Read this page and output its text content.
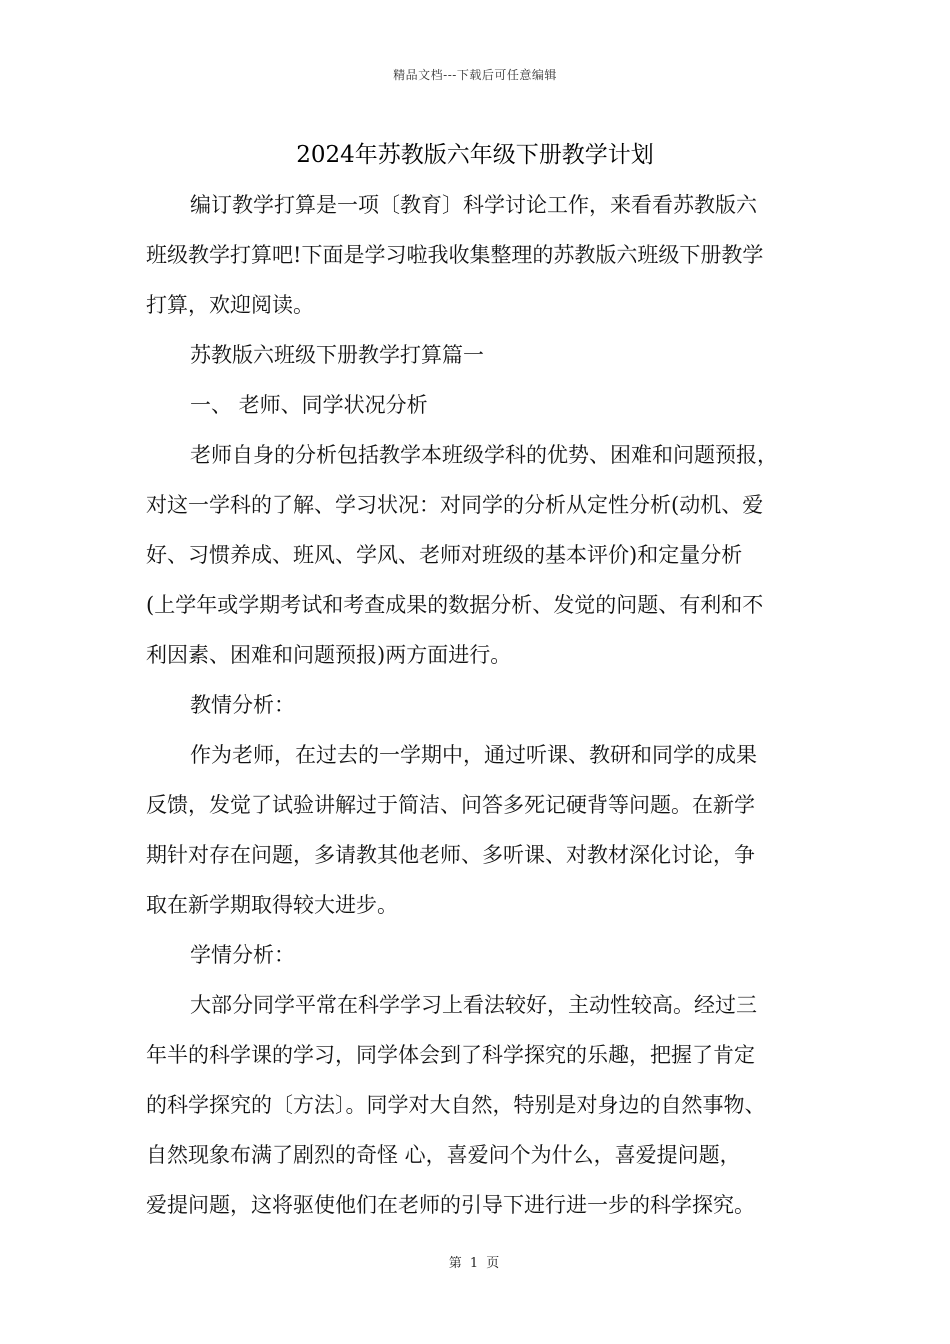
精品文档---下载后可任意编辑
2024年苏教版六年级下册教学计划
编订教学打算是一项〔教育〕科学讨论工作，来看看苏教版六
班级教学打算吧!下面是学习啦我收集整理的苏教版六班级下册教学
打算，欢迎阅读。
苏教版六班级下册教学打算篇一
一、 老师、同学状况分析
老师自身的分析包括教学本班级学科的优势、困难和问题预报，
对这一学科的了解、学习状况：对同学的分析从定性分析(动机、爱
好、习惯养成、班风、学风、老师对班级的基本评价)和定量分析
(上学年或学期考试和考查成果的数据分析、发觉的问题、有利和不
利因素、困难和问题预报)两方面进行。
教情分析：
作为老师，在过去的一学期中，通过听课、教研和同学的成果
反馈，发觉了试验讲解过于简洁、问答多死记硬背等问题。在新学
期针对存在问题，多请教其他老师、多听课、对教材深化讨论，争
取在新学期取得较大进步。
学情分析：
大部分同学平常在科学学习上看法较好，主动性较高。经过三
年半的科学课的学习，同学体会到了科学探究的乐趣，把握了肯定
的科学探究的〔方法〕。同学对大自然，特别是对身边的自然事物、
自然现象布满了剧烈的奇怪 心，喜爱问个为什么，喜爱提问题，
爱提问题，这将驱使他们在老师的引导下进行进一步的科学探究。
第 1 页
